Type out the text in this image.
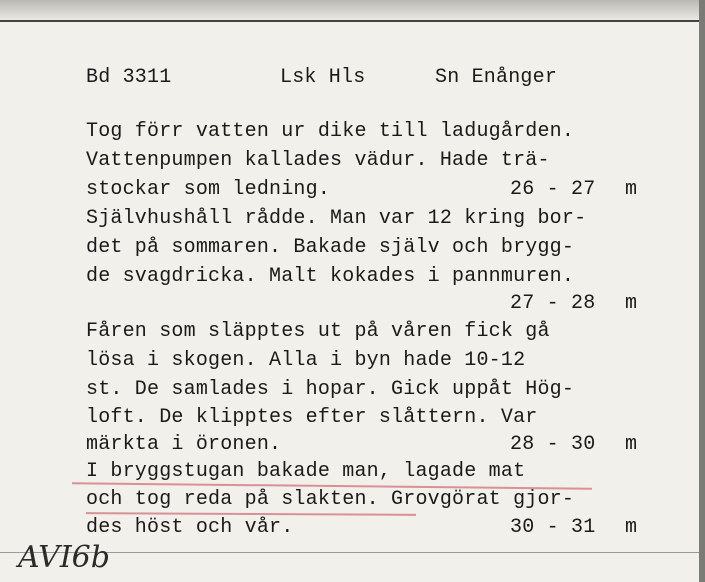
Bd 3311	Lsk Hls	Sn Enånger
Tog förr vatten ur dike till ladugården.
Vattenpumpen kallades vädur. Hade trä-
stockar som ledning.	26 - 27 m
Självhushåll rådde. Man var 12 kring bor-
det på sommaren. Bakade själv och brygg-
de svagdricka. Malt kokades i pannmuren.
27 - 28 m
Fåren som släpptes ut på våren fick gå
lösa i skogen. Alla i byn hade 10-12
st. De samlades i hopar. Gick uppåt Hög-
loft. De klipptes efter slåttern. Var
märkta i öronen.	28 - 30 m
I bryggstugan bakade man, lagade mat
och tog reda på slakten. Grovgörat gjor-
des höst och vår.	30 - 31 m
AVI6b
